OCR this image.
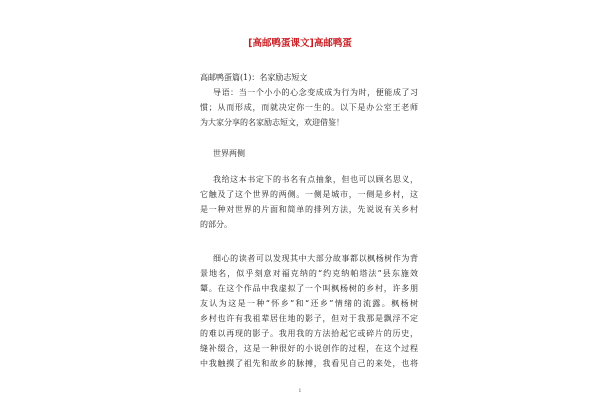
[高邮鸭蛋课文]高邮鸭蛋
高邮鸭蛋篇(1)：名家励志短文
导语：当一个小小的心念变成成为行为时，便能成了习
惯；从而形成，而就决定你一生的。以下是办公室王老师
为大家分享的名家励志短文，欢迎借鉴！
世界两侧
我给这本书定下的书名有点抽象，但也可以顾名思义，
它触及了这个世界的两侧。一侧是城市，一侧是乡村，这
是一种对世界的片面和简单的排列方法，先说说有关乡村
的部分。
细心的读者可以发现其中大部分故事都以枫杨树作为背
景地名，似乎刻意对福克纳的“约克纳帕塔法”县东施效
颦。在这个作品中我虚拟了一个叫枫杨树的乡村，许多朋
友认为这是一种“怀乡”和“还乡”情绪的流露。枫杨树
乡村也许有我祖辈居住地的影子，但对于我那是飘浮不定
的难以再现的影子。我用我的方法拾起它或碎片的历史，
缝补缀合，这是一种很好的小说创作的过程，在这个过程
中我触摸了祖先和故乡的脉搏，我看见自己的来处，也将
1
